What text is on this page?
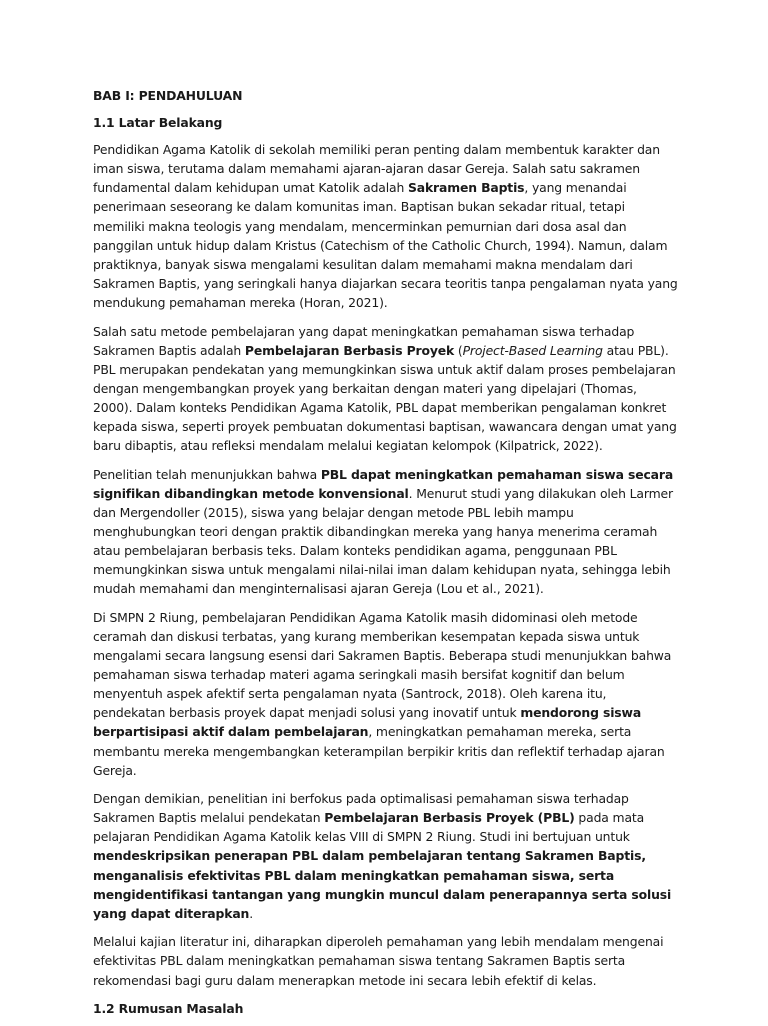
BAB I: PENDAHULUAN
1.1 Latar Belakang

Pendidikan Agama Katolik di sekolah memiliki peran penting dalam membentuk karakter dan iman siswa, terutama dalam memahami ajaran-ajaran dasar Gereja. Salah satu sakramen fundamental dalam kehidupan umat Katolik adalah Sakramen Baptis, yang menandai penerimaan seseorang ke dalam komunitas iman. Baptisan bukan sekadar ritual, tetapi memiliki makna teologis yang mendalam, mencerminkan pemurnian dari dosa asal dan panggilan untuk hidup dalam Kristus (Catechism of the Catholic Church, 1994). Namun, dalam praktiknya, banyak siswa mengalami kesulitan dalam memahami makna mendalam dari Sakramen Baptis, yang seringkali hanya diajarkan secara teoritis tanpa pengalaman nyata yang mendukung pemahaman mereka (Horan, 2021).

Salah satu metode pembelajaran yang dapat meningkatkan pemahaman siswa terhadap Sakramen Baptis adalah Pembelajaran Berbasis Proyek (Project-Based Learning atau PBL). PBL merupakan pendekatan yang memungkinkan siswa untuk aktif dalam proses pembelajaran dengan mengembangkan proyek yang berkaitan dengan materi yang dipelajari (Thomas, 2000). Dalam konteks Pendidikan Agama Katolik, PBL dapat memberikan pengalaman konkret kepada siswa, seperti proyek pembuatan dokumentasi baptisan, wawancara dengan umat yang baru dibaptis, atau refleksi mendalam melalui kegiatan kelompok (Kilpatrick, 2022).

Penelitian telah menunjukkan bahwa PBL dapat meningkatkan pemahaman siswa secara signifikan dibandingkan metode konvensional. Menurut studi yang dilakukan oleh Larmer dan Mergendoller (2015), siswa yang belajar dengan metode PBL lebih mampu menghubungkan teori dengan praktik dibandingkan mereka yang hanya menerima ceramah atau pembelajaran berbasis teks. Dalam konteks pendidikan agama, penggunaan PBL memungkinkan siswa untuk mengalami nilai-nilai iman dalam kehidupan nyata, sehingga lebih mudah memahami dan menginternalisasi ajaran Gereja (Lou et al., 2021).

Di SMPN 2 Riung, pembelajaran Pendidikan Agama Katolik masih didominasi oleh metode ceramah dan diskusi terbatas, yang kurang memberikan kesempatan kepada siswa untuk mengalami secara langsung esensi dari Sakramen Baptis. Beberapa studi menunjukkan bahwa pemahaman siswa terhadap materi agama seringkali masih bersifat kognitif dan belum menyentuh aspek afektif serta pengalaman nyata (Santrock, 2018). Oleh karena itu, pendekatan berbasis proyek dapat menjadi solusi yang inovatif untuk mendorong siswa berpartisipasi aktif dalam pembelajaran, meningkatkan pemahaman mereka, serta membantu mereka mengembangkan keterampilan berpikir kritis dan reflektif terhadap ajaran Gereja.

Dengan demikian, penelitian ini berfokus pada optimalisasi pemahaman siswa terhadap Sakramen Baptis melalui pendekatan Pembelajaran Berbasis Proyek (PBL) pada mata pelajaran Pendidikan Agama Katolik kelas VIII di SMPN 2 Riung. Studi ini bertujuan untuk mendeskripsikan penerapan PBL dalam pembelajaran tentang Sakramen Baptis, menganalisis efektivitas PBL dalam meningkatkan pemahaman siswa, serta mengidentifikasi tantangan yang mungkin muncul dalam penerapannya serta solusi yang dapat diterapkan.

Melalui kajian literatur ini, diharapkan diperoleh pemahaman yang lebih mendalam mengenai efektivitas PBL dalam meningkatkan pemahaman siswa tentang Sakramen Baptis serta rekomendasi bagi guru dalam menerapkan metode ini secara lebih efektif di kelas.

1.2 Rumusan Masalah
